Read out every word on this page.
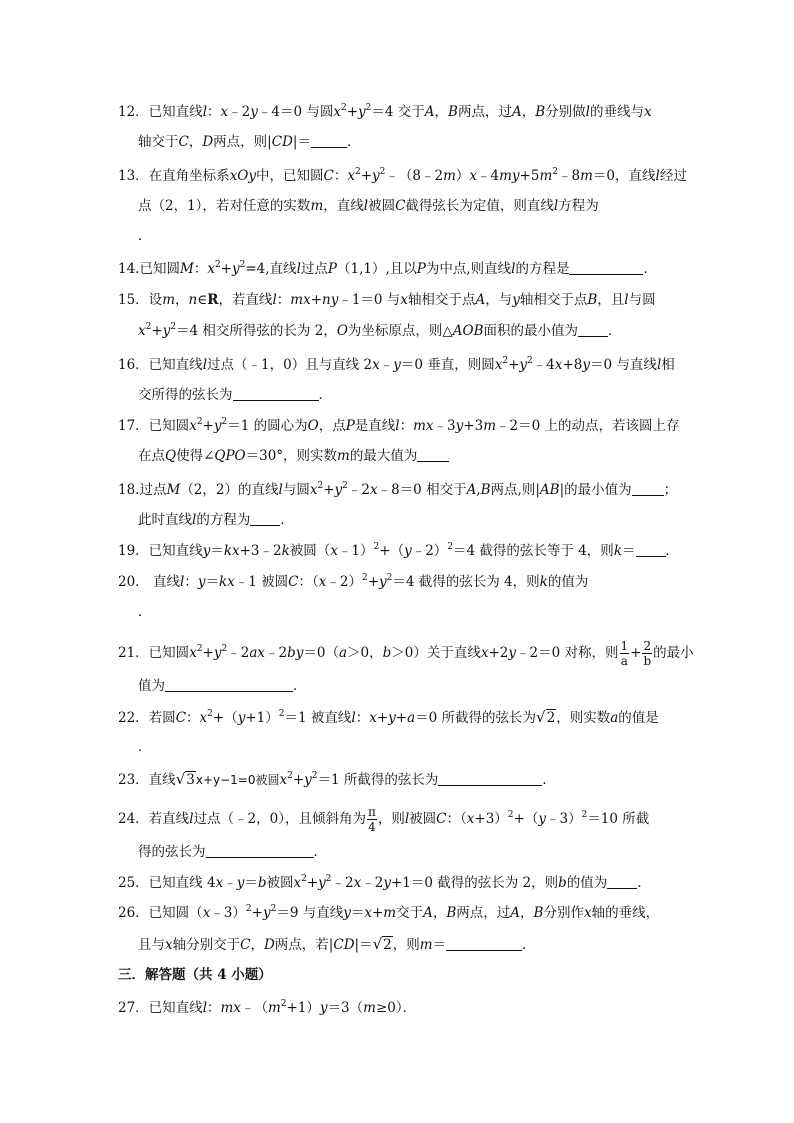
12．已知直线l：x﹣2y﹣4＝0 与圆$x^2+y^2=4$ 交于A，B两点，过A，B分别做l的垂线与x
轴交于C，D两点，则|CD|＝	．
13．在直角坐标系xOy中，已知圆C：$x^2+y^2﹣(8﹣2m)x﹣4my+5m^2﹣8m=0$，直线l经过
点（2，1），若对任意的实数m，直线l被圆C截得弦长为定值，则直线l方程为
．
14.已知圆M：$x^2+y^2=4$,直线l过点P（1,1）,且以P为中点,则直线l的方程是	．
15．设m，n∈R，若直线l：mx+ny﹣1＝0 与x轴相交于点A，与y轴相交于点B，且l与圆
$x^2+y^2=4$ 相交所得弦的长为 2，O为坐标原点，则△AOB面积的最小值为 ．
16．已知直线l过点（﹣1，0）且与直线 2x﹣y＝0 垂直，则圆$x^2+y^2﹣4x+8y=0$ 与直线l相
交所得的弦长为	．
17．已知圆$x^2+y^2=1$ 的圆心为O，点P是直线l：mx﹣3y+3m﹣2＝0 上的动点，若该圆上存
在点Q使得∠QPO＝30°，则实数m的最大值为
18.过点M（2，2）的直线l与圆$x^2+y^2﹣2x﹣8=0$ 相交于A,B两点,则|AB|的最小值为 ；
此时直线l的方程为 ．
19．已知直线y＝kx+3﹣2k被圆（x﹣1）$^2$+（y﹣2）$^2$＝4 截得的弦长等于 4，则k＝ ．
20． 直线l：y＝kx﹣1 被圆C：$(x﹣2)^2+y^2=4$ 截得的弦长为 4，则k的值为
．
21．已知圆$x^2+y^2﹣2ax﹣2by=0(a>0$，b＞0）关于直线x+2y﹣2＝0 对称，则 $\frac{1}{a} + \frac{2}{b}$ 的最小
值为	．
22．若圆C：$x^2+(y+1)^2=1$ 被直线l：x+y+a＝0 所截得的弦长为√2，则实数a的值是
．
23．直线√3x+y−1=0被圆$x^2+y^2=1$ 所截得的弦长为	．
24．若直线l过点（﹣2，0），且倾斜角为 $\frac{\pi}{4}$ ，则l被圆C：$(x+3)^2+(y﹣3)^2=10$ 所截
得的弦长为	．
25．已知直线 4x﹣y＝b被圆$x^2+y^2﹣2x﹣2y+1=0$ 截得的弦长为 2，则b的值为 ．
26．已知圆$(x﹣3)^2+y^2=9$ 与直线y＝x+m交于A，B两点，过A，B分别作x轴的垂线，
且与x轴分别交于C，D两点，若|CD|＝√2，则m＝	．
三．解答题（共 4 小题）
27．已知直线l：$mx﹣(m^2+1)y=3(m\ge 0)$．
